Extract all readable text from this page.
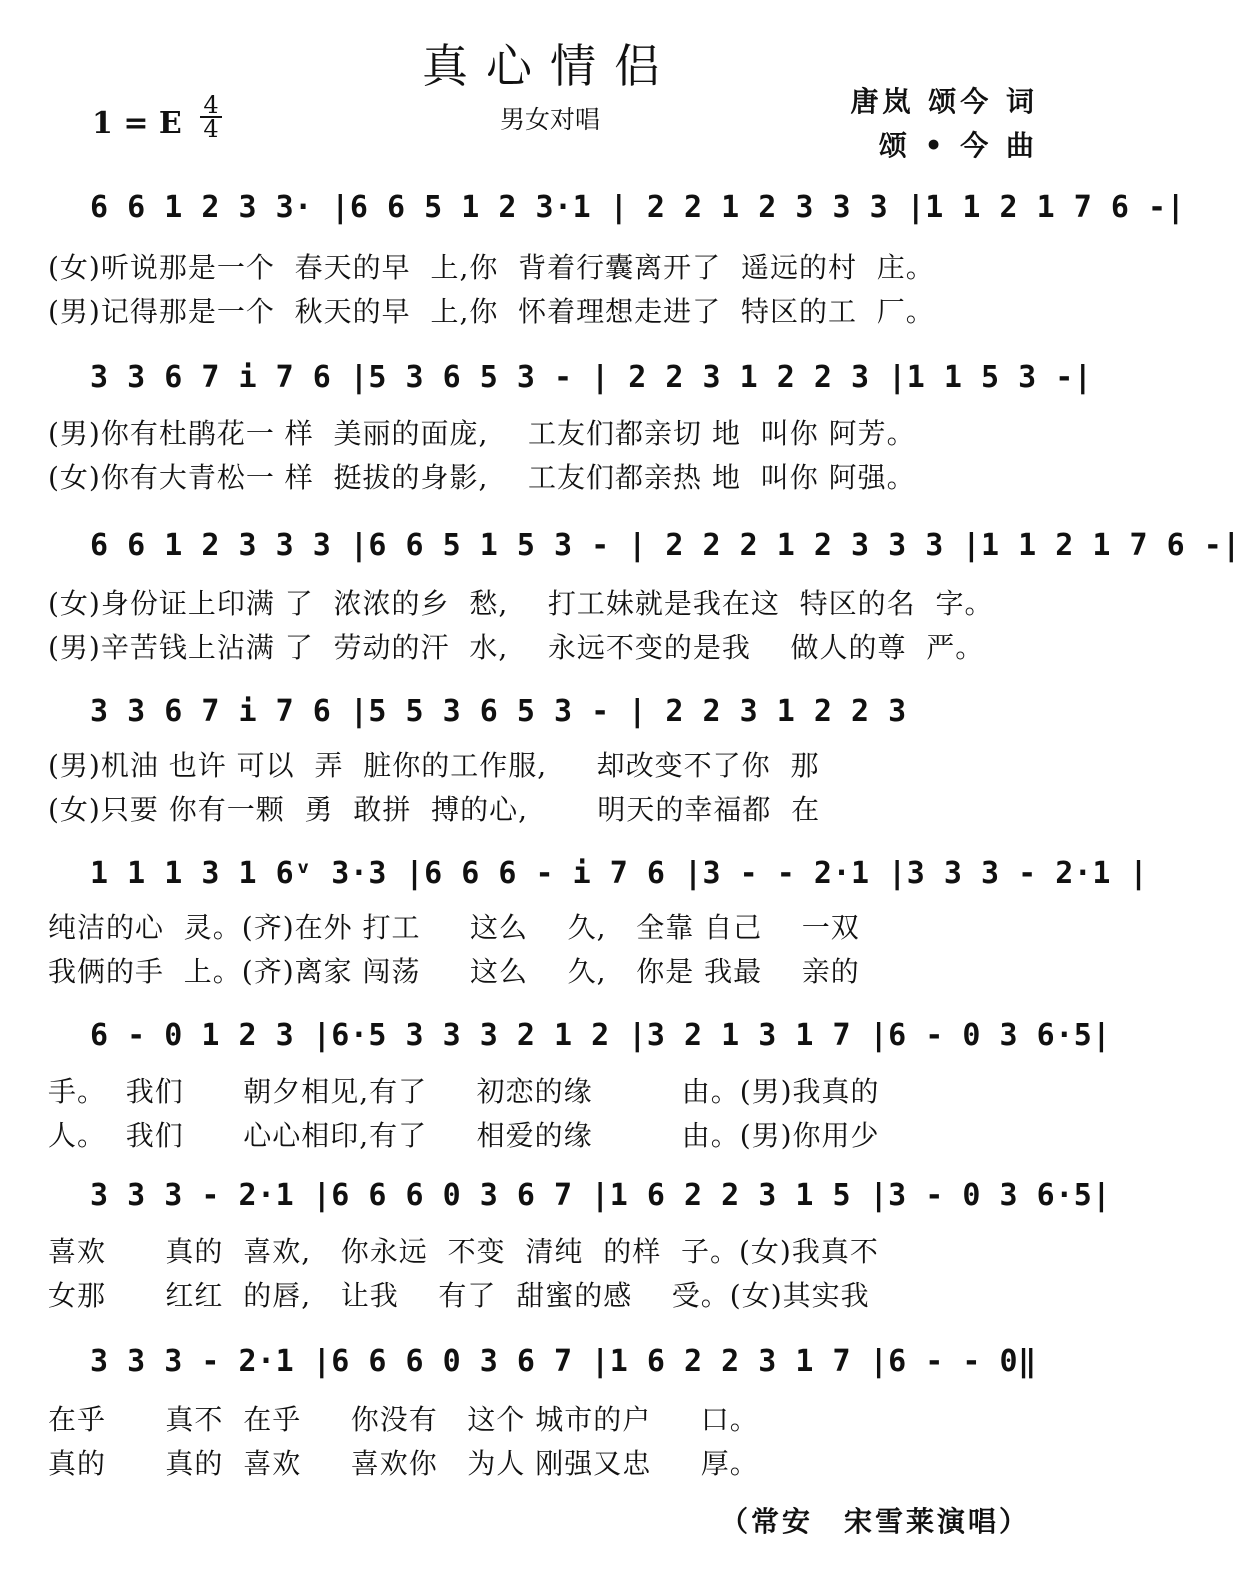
真心情侣
男女对唱
1 = E
4
4
唐岚 颂今 词
颂 • 今 曲
6 6 1 2 3 3· |6 6 5 1 2 3·1 | 2 2 1 2 3 3 3 |1 1 2 1 7 6 -|
(女)听说那是一个  春天的早  上,你  背着行囊离开了  遥远的村  庄。
(男)记得那是一个  秋天的早  上,你  怀着理想走进了  特区的工  厂。
3 3 6 7 i 7 6 |5 3 6 5 3 - | 2 2 3 1 2 2 3 |1 1 5 3 -|
(男)你有杜鹃花一 样  美丽的面庞,    工友们都亲切 地  叫你 阿芳。
(女)你有大青松一 样  挺拔的身影,    工友们都亲热 地  叫你 阿强。
6 6 1 2 3 3 3 |6 6 5 1 5 3 - | 2 2 2 1 2 3 3 3 |1 1 2 1 7 6 -|
(女)身份证上印满 了  浓浓的乡  愁,    打工妹就是我在这  特区的名  字。
(男)辛苦钱上沾满 了  劳动的汗  水,    永远不变的是我    做人的尊  严。
3 3 6 7 i 7 6 |5 5 3 6 5 3 - | 2 2 3 1 2 2 3
(男)机油 也许 可以  弄  脏你的工作服,     却改变不了你  那
(女)只要 你有一颗  勇  敢拼  搏的心,       明天的幸福都  在
1 1 1 3 1 6ᵛ 3·3 |6 6 6 - i 7 6 |3 - - 2·1 |3 3 3 - 2·1 |
纯洁的心  灵。(齐)在外 打工     这么    久,   全靠 自己    一双
我俩的手  上。(齐)离家 闯荡     这么    久,   你是 我最    亲的
6 - 0 1 2 3 |6·5 3 3 3 2 1 2 |3 2 1 3 1 7 |6 - 0 3 6·5|
手。  我们      朝夕相见,有了     初恋的缘         由。(男)我真的
人。  我们      心心相印,有了     相爱的缘         由。(男)你用少
3 3 3 - 2·1 |6 6 6 0 3 6 7 |1 6 2 2 3 1 5 |3 - 0 3 6·5|
喜欢      真的  喜欢,   你永远  不变  清纯  的样  子。(女)我真不
女那      红红  的唇,   让我    有了  甜蜜的感    受。(女)其实我
3 3 3 - 2·1 |6 6 6 0 3 6 7 |1 6 2 2 3 1 7 |6 - - 0‖
在乎      真不  在乎     你没有   这个 城市的户     口。
真的      真的  喜欢     喜欢你   为人 刚强又忠     厚。
（常安　宋雪莱演唱）
